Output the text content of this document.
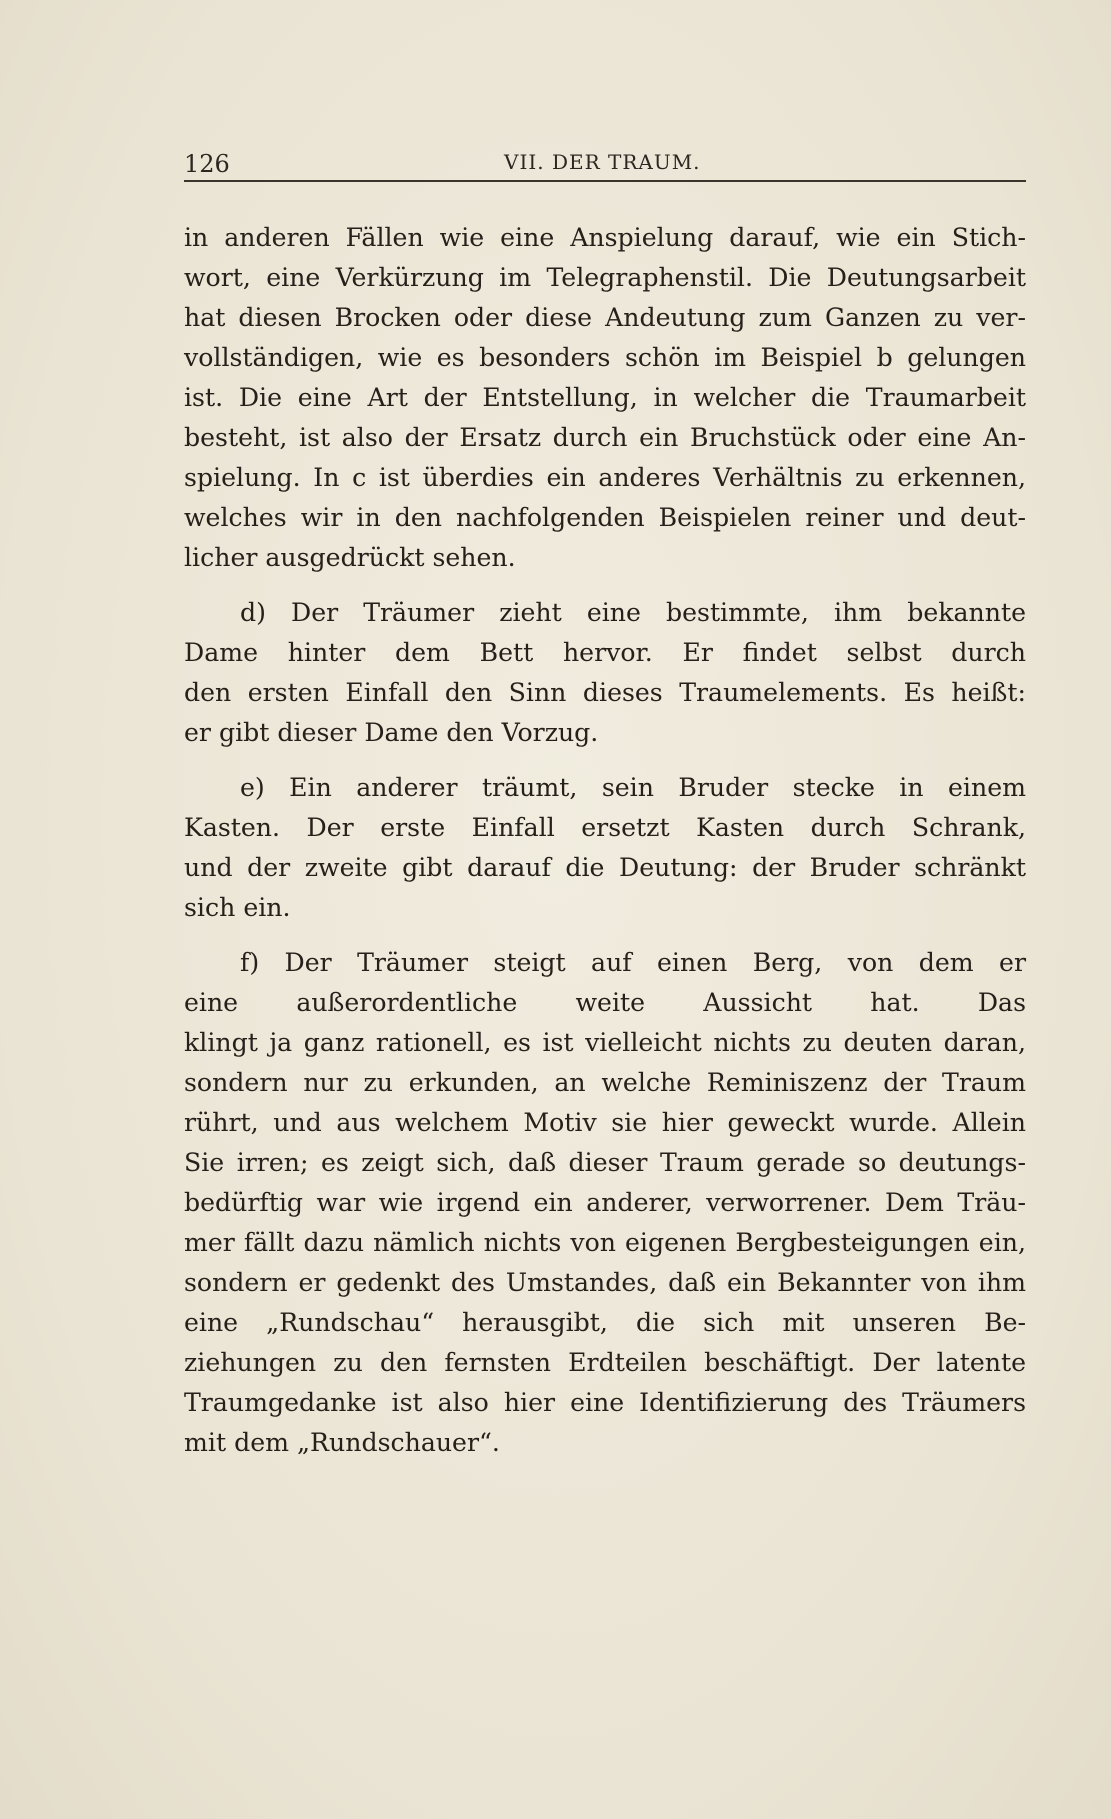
126	VII. DER TRAUM.

in anderen Fällen wie eine Anspielung darauf, wie ein Stich-
wort, eine Verkürzung im Telegraphenstil. Die Deutungsarbeit
hat diesen Brocken oder diese Andeutung zum Ganzen zu ver-
vollständigen, wie es besonders schön im Beispiel b gelungen
ist. Die eine Art der Entstellung, in welcher die Traumarbeit
besteht, ist also der Ersatz durch ein Bruchstück oder eine An-
spielung. In c ist überdies ein anderes Verhältnis zu erkennen,
welches wir in den nachfolgenden Beispielen reiner und deut-
licher ausgedrückt sehen.

d) Der Träumer zieht eine bestimmte, ihm bekannte
Dame hinter dem Bett hervor. Er findet selbst durch
den ersten Einfall den Sinn dieses Traumelements. Es heißt:
er gibt dieser Dame den Vorzug.

e) Ein anderer träumt, sein Bruder stecke in einem
Kasten. Der erste Einfall ersetzt Kasten durch Schrank,
und der zweite gibt darauf die Deutung: der Bruder schränkt
sich ein.

f) Der Träumer steigt auf einen Berg, von dem er
eine außerordentliche weite Aussicht hat. Das
klingt ja ganz rationell, es ist vielleicht nichts zu deuten daran,
sondern nur zu erkunden, an welche Reminiszenz der Traum
rührt, und aus welchem Motiv sie hier geweckt wurde. Allein
Sie irren; es zeigt sich, daß dieser Traum gerade so deutungs-
bedürftig war wie irgend ein anderer, verworrener. Dem Träu-
mer fällt dazu nämlich nichts von eigenen Bergbesteigungen ein,
sondern er gedenkt des Umstandes, daß ein Bekannter von ihm
eine „Rundschau“ herausgibt, die sich mit unseren Be-
ziehungen zu den fernsten Erdteilen beschäftigt. Der latente
Traumgedanke ist also hier eine Identifizierung des Träumers
mit dem „Rundschauer“.
